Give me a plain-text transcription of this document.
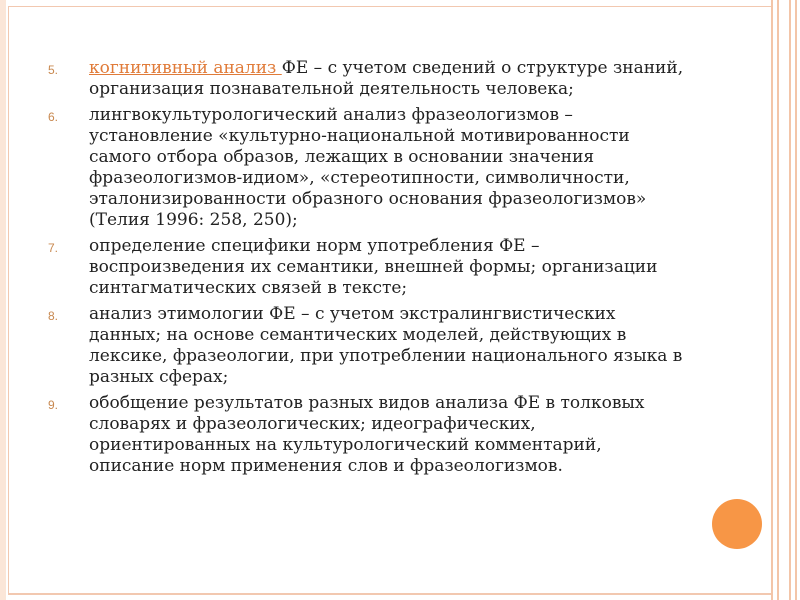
5. когнитивный анализ ФЕ – с учетом сведений о структуре знаний, организация познавательной деятельность человека;
6. лингвокультурологический анализ фразеологизмов – установление «культурно-национальной мотивированности самого отбора образов, лежащих в основании значения фразеологизмов-идиом», «стереотипности, символичности, эталонизированности образного основания фразеологизмов» (Телия 1996: 258, 250);
7. определение специфики норм употребления ФЕ – воспроизведения их семантики, внешней формы; организации синтагматических связей в тексте;
8. анализ этимологии ФЕ – с учетом экстралингвистических данных; на основе семантических моделей, действующих в лексике, фразеологии, при употреблении национального языка в разных сферах;
9. обобщение результатов разных видов анализа ФЕ в толковых словарях и фразеологических; идеографических, ориентированных на культурологический комментарий, описание норм применения слов и фразеологизмов.
